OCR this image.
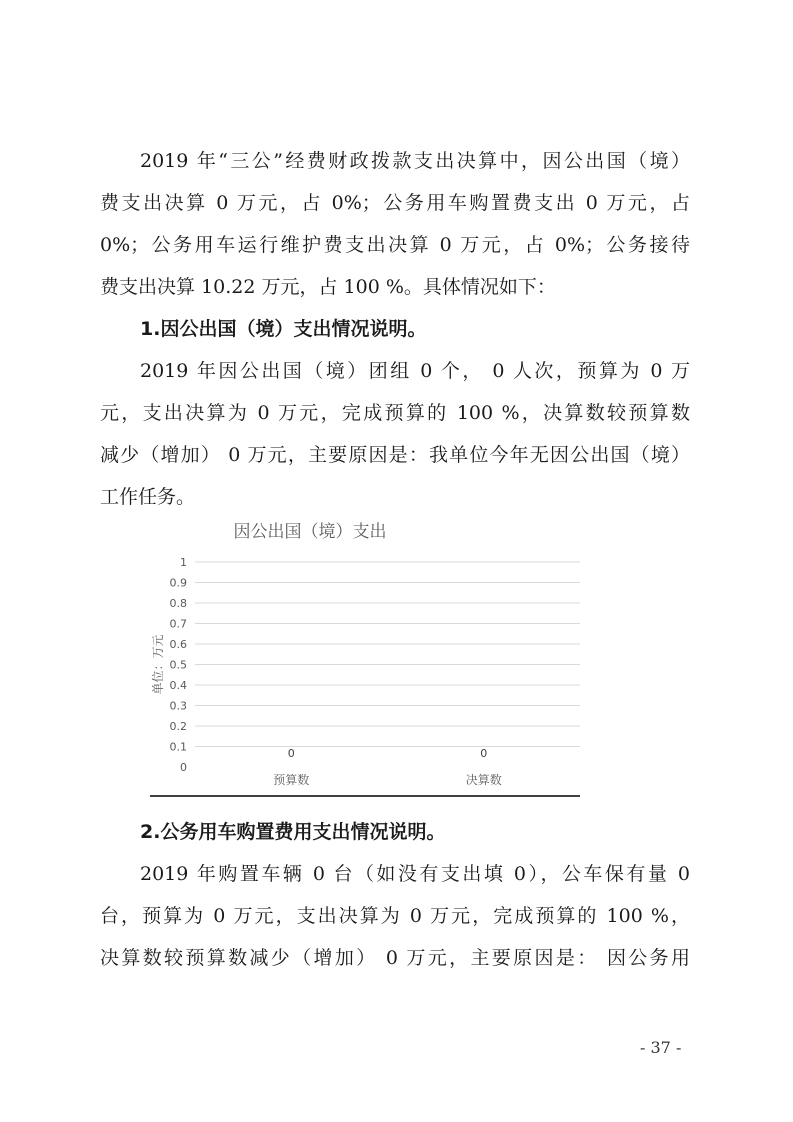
2019 年“三公”经费财政拨款支出决算中，因公出国（境）
费支出决算 0 万元，占 0%；公务用车购置费支出 0 万元，占
0%；公务用车运行维护费支出决算 0 万元，占 0%；公务接待
费支出决算 10.22 万元，占 100 %。具体情况如下：
1.因公出国（境）支出情况说明。
2019 年因公出国（境）团组 0 个， 0 人次，预算为 0 万
元，支出决算为 0 万元，完成预算的 100 %，决算数较预算数
减少（增加） 0 万元，主要原因是：我单位今年无因公出国（境）
工作任务。
因公出国（境）支出
0
0.1
0.2
0.3
0.4
0.5
0.6
0.7
0.8
0.9
1
单位：万元
0
预算数
0
决算数
2.公务用车购置费用支出情况说明。
2019 年购置车辆 0 台（如没有支出填 0），公车保有量 0
台，预算为 0 万元，支出决算为 0 万元，完成预算的 100 %，
决算数较预算数减少（增加） 0 万元，主要原因是： 因公务用
- 37 -
